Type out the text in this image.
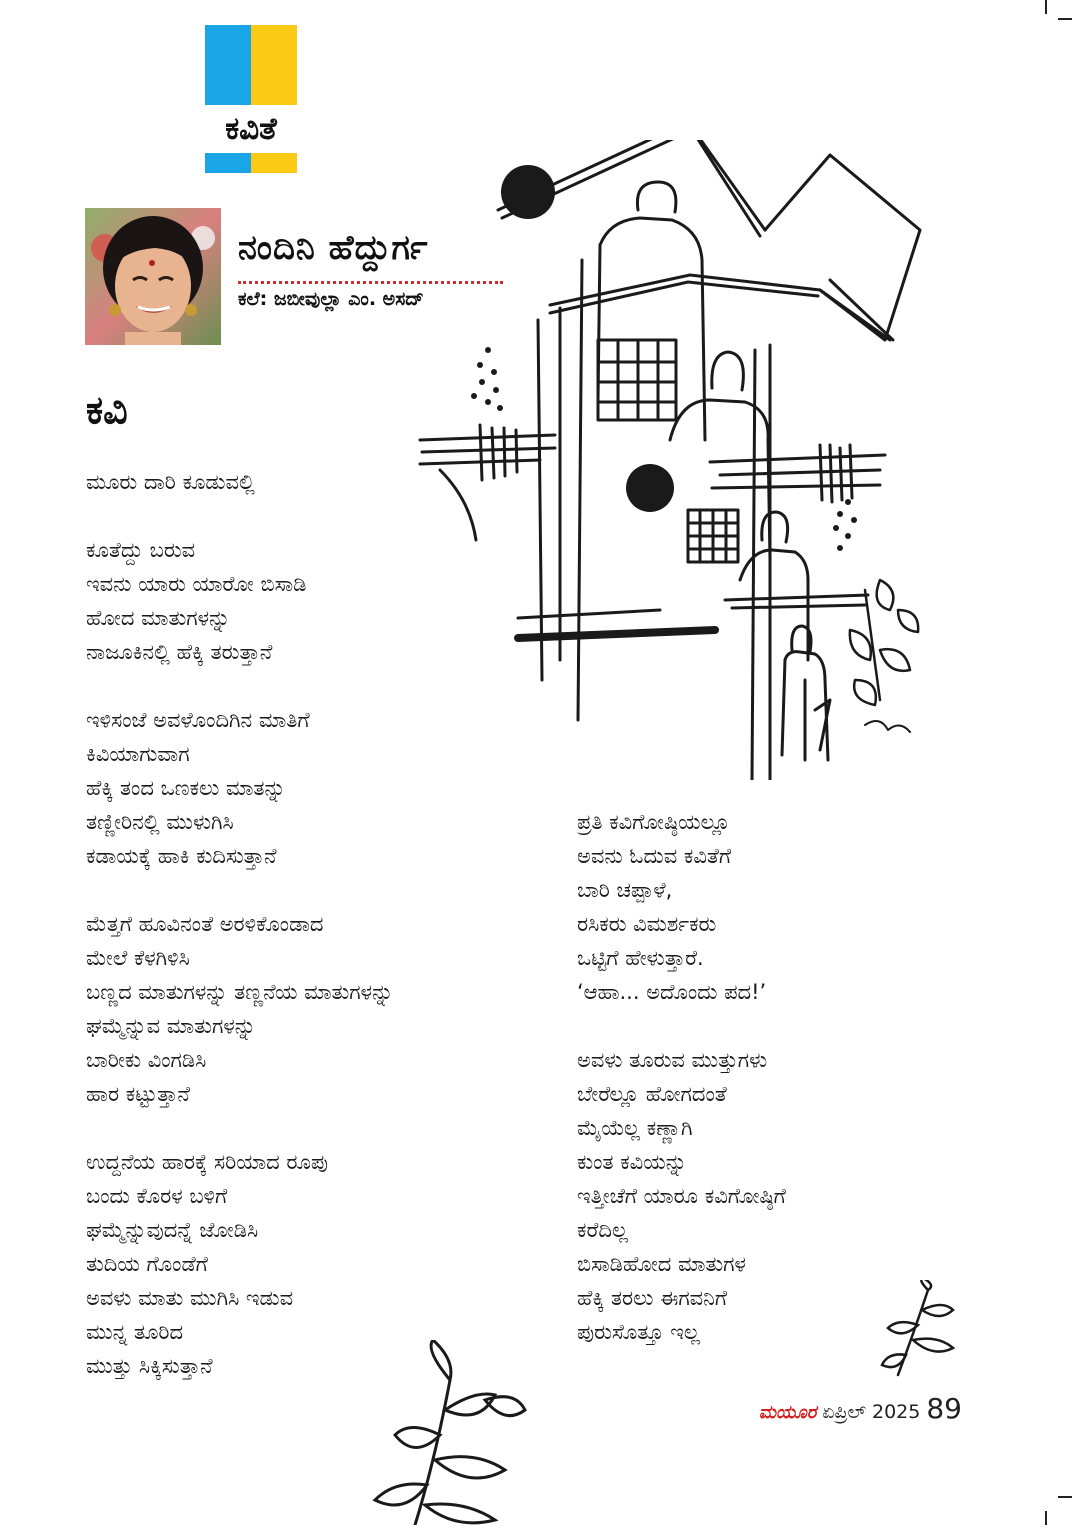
ಕವಿತೆ
ನಂದಿನಿ ಹೆದ್ದುರ್ಗ
ಕಲೆ: ಜಬೀವುಲ್ಲಾ ಎಂ. ಅಸದ್
ಕವಿ
ಮೂರು ದಾರಿ ಕೂಡುವಲ್ಲಿ
ಕೂತೆದ್ದು ಬರುವ
ಇವನು ಯಾರು ಯಾರೋ ಬಿಸಾಡಿ
ಹೋದ ಮಾತುಗಳನ್ನು
ನಾಜೂಕಿನಲ್ಲಿ ಹೆಕ್ಕಿ ತರುತ್ತಾನೆ
ಇಳಿಸಂಜೆ ಅವಳೊಂದಿಗಿನ ಮಾತಿಗೆ
ಕಿವಿಯಾಗುವಾಗ
ಹೆಕ್ಕಿ ತಂದ ಒಣಕಲು ಮಾತನ್ನು
ತಣ್ಣೀರಿನಲ್ಲಿ ಮುಳುಗಿಸಿ
ಕಡಾಯಕ್ಕೆ ಹಾಕಿ ಕುದಿಸುತ್ತಾನೆ
ಮೆತ್ತಗೆ ಹೂವಿನಂತೆ ಅರಳಿಕೊಂಡಾದ
ಮೇಲೆ ಕೆಳಗಿಳಿಸಿ
ಬಣ್ಣದ ಮಾತುಗಳನ್ನು ತಣ್ಣನೆಯ ಮಾತುಗಳನ್ನು
ಘಮ್ಮೆನ್ನುವ ಮಾತುಗಳನ್ನು
ಬಾರೀಕು ವಿಂಗಡಿಸಿ
ಹಾರ ಕಟ್ಟುತ್ತಾನೆ
ಉದ್ದನೆಯ ಹಾರಕ್ಕೆ ಸರಿಯಾದ ರೂಪು
ಬಂದು ಕೊರಳ ಬಳಿಗೆ
ಘಮ್ಮೆನ್ನುವುದನ್ನೆ ಜೋಡಿಸಿ
ತುದಿಯ ಗೊಂಡೆಗೆ
ಅವಳು ಮಾತು ಮುಗಿಸಿ ಇಡುವ
ಮುನ್ನ ತೂರಿದ
ಮುತ್ತು ಸಿಕ್ಕಿಸುತ್ತಾನೆ
ಪ್ರತಿ ಕವಿಗೋಷ್ಠಿಯಲ್ಲೂ
ಅವನು ಓದುವ ಕವಿತೆಗೆ
ಬಾರಿ ಚಪ್ಪಾಳೆ,
ರಸಿಕರು ವಿಮರ್ಶಕರು
ಒಟ್ಟಿಗೆ ಹೇಳುತ್ತಾರೆ.
‘ಆಹಾ... ಅದೊಂದು ಪದ!’
ಅವಳು ತೂರುವ ಮುತ್ತುಗಳು
ಬೇರೆಲ್ಲೂ ಹೋಗದಂತೆ
ಮೈಯೆಲ್ಲ ಕಣ್ಣಾಗಿ
ಕುಂತ ಕವಿಯನ್ನು
ಇತ್ತೀಚೆಗೆ ಯಾರೂ ಕವಿಗೋಷ್ಠಿಗೆ
ಕರೆದಿಲ್ಲ
ಬಿಸಾಡಿಹೋದ ಮಾತುಗಳ
ಹೆಕ್ಕಿ ತರಲು ಈಗವನಿಗೆ
ಪುರುಸೊತ್ತೂ ಇಲ್ಲ
ಮಯೂರ ಏಪ್ರಿಲ್ 2025 89
